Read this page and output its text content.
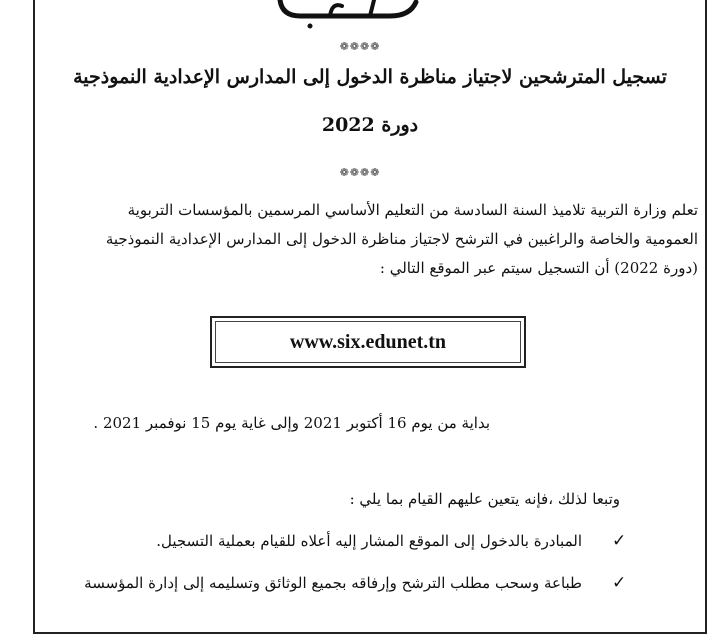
❁❁❁❁
تسجيل المترشحين لاجتياز مناظرة الدخول إلى المدارس الإعدادية النموذجية
دورة 2022
❁❁❁❁
تعلم وزارة التربية تلاميذ السنة السادسة من التعليم الأساسي المرسمين بالمؤسسات التربوية
العمومية والخاصة والراغبين في الترشح لاجتياز مناظرة الدخول إلى المدارس الإعدادية النموذجية
(دورة 2022) أن التسجيل سيتم عبر الموقع التالي :
www.six.edunet.tn
بداية من يوم 16 أكتوبر 2021 وإلى غاية يوم 15 نوفمبر 2021 .
وتبعا لذلك ،فإنه يتعين عليهم القيام بما يلي :
✓
المبادرة بالدخول إلى الموقع المشار إليه أعلاه للقيام بعملية التسجيل.
✓
طباعة وسحب مطلب الترشح وإرفاقه بجميع الوثائق وتسليمه إلى إدارة المؤسسة
